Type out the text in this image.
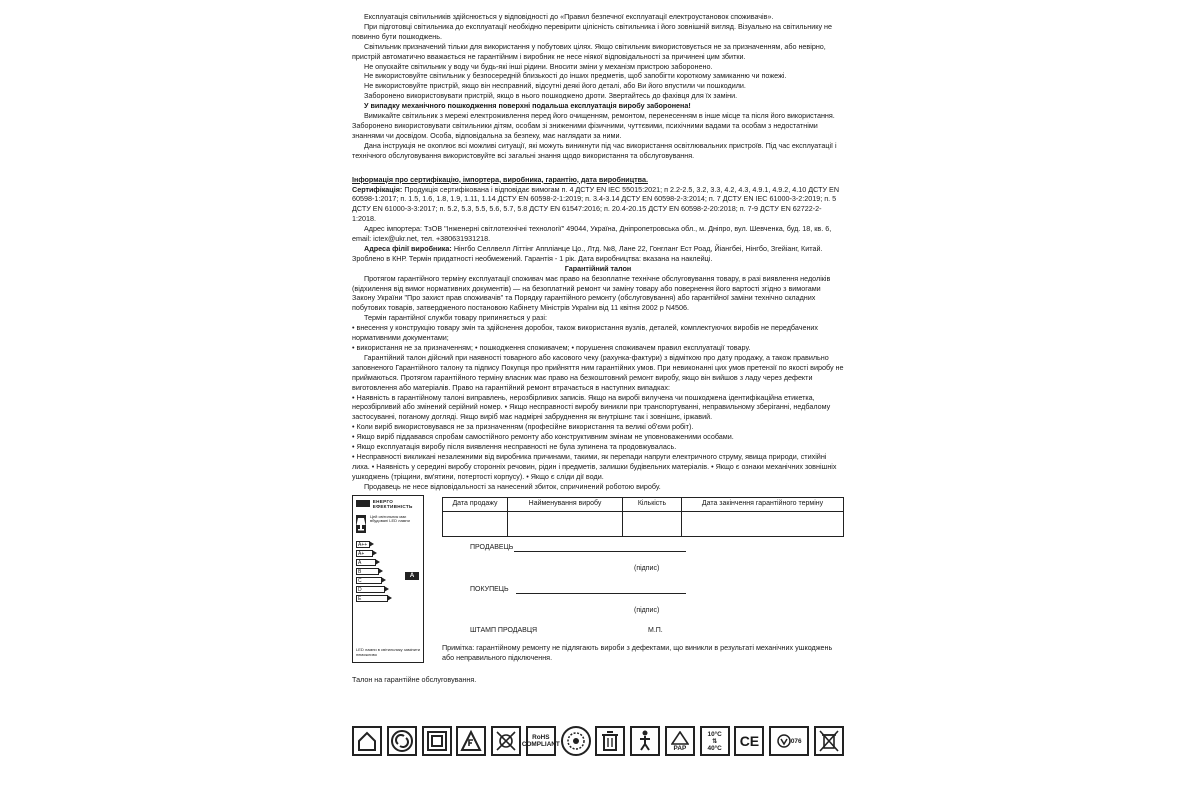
Експлуатація світильників здійснюється у відповідності до «Правил безпечної експлуатації електроустановок споживачів».

При підготовці світильника до експлуатації необхідно перевірити цілісність світильника і його зовнішній вигляд. Візуально на світильнику не повинно бути пошкоджень.

Світильник призначений тільки для використання у побутових цілях. Якщо світильник використовується не за призначенням, або невірно, пристрій автоматично вважається не гарантійним і виробник не несе ніякої відповідальності за причинені цим збитки.

Не опускайте світильник у воду чи будь-які інші рідини. Вносити зміни у механізм пристрою заборонено.

Не використовуйте світильник у безпосередній близькості до інших предметів, щоб запобігти короткому замиканню чи пожежі.

Не використовуйте пристрій, якщо він несправний, відсутні деякі його деталі, або Ви його впустили чи пошкодили.

Заборонено використовувати пристрій, якщо в нього пошкоджено дроти. Звертайтесь до фахівця для їх заміни.

У випадку механічного пошкодження поверхні подальша експлуатація виробу заборонена!

Вимикайте світильник з мережі електроживлення перед його очищенням, ремонтом, перенесенням в інше місце та після його використання. Заборонено використовувати світильники дітям, особам зі зниженими фізичними, чуттєвими, психічними вадами та особам з недостатніми знаннями чи досвідом. Особа, відповідальна за безпеку, має наглядати за ними.

Дана інструкція не охоплює всі можливі ситуації, які можуть виникнути під час використання освітлювальних пристроїв. Під час експлуатації і технічного обслуговування використовуйте всі загальні знання щодо використання та обслуговування.

Інформація про сертифікацію, імпортера, виробника, гарантію, дата виробництва.

Сертифікація: Продукція сертифікована і відповідає вимогам п. 4 ДСТУ EN IEC 55015:2021; п 2.2-2.5, 3.2, 3.3, 4.2, 4.3, 4.9.1, 4.9.2, 4.10 ДСТУ EN 60598-1:2017; п. 1.5, 1.6, 1.8, 1.9, 1.11, 1.14 ДСТУ EN 60598-2-1:2019; п. 3.4-3.14 ДСТУ EN 60598-2-3:2014; п. 7 ДСТУ EN IEC 61000-3-2:2019; п. 5 ДСТУ EN 61000-3-3:2017; п. 5.2, 5.3, 5.5, 5.6, 5.7, 5.8 ДСТУ EN 61547:2016; п. 20.4-20.15 ДСТУ EN 60598-2-20:2018; п. 7-9 ДСТУ EN 62722-2-1:2018.

Адрес імпортера: ТзОВ "Інженерні світлотехнічні технології" 49044, Україна, Дніпропетровська обл., м. Дніпро, вул. Шевченка, буд. 18, кв. 6, email: ictex@ukr.net, тел. +380631931218.

Адреса філії виробника: Нінгбо Селлвелл Літтінг Аппліанце Цо., Лтд. №8, Лане 22, Гонгланг Ест Роад, Йіангбеі, Нінгбо, Згейіанг, Китай. Зроблено в КНР. Термін придатності необмежений. Гарантія - 1 рік. Дата виробництва: вказана на наклейці.

Гарантійний талон

Протягом гарантійного терміну експлуатації споживач має право на безоплатне технічне обслуговування товару, в разі виявлення недоліків (відхилення від вимог нормативних документів) — на безоплатний ремонт чи заміну товару або повернення його вартості згідно з вимогами Закону України "Про захист прав споживачів" та Порядку гарантійного ремонту (обслуговування) або гарантійної заміни технічно складних побутових товарів, затвердженого постановою Кабінету Міністрів України від 11 квітня 2002 р N4506.

Термін гарантійної служби товару припиняється у разі:

• внесення у конструкцію товару змін та здійснення доробок, також використання вузлів, деталей, комплектуючих виробів не передбачених нормативними документами;

• використання не за призначенням; • пошкодження споживачем; • порушення споживачем правил експлуатації товару.

Гарантійний талон дійсний при наявності товарного або касового чеку (рахунка-фактури) з відміткою про дату продажу, а також правильно заповненого Гарантійного талону та підпису Покупця про прийняття ним гарантійних умов. При невиконанні цих умов претензії по якості виробу не приймаються. Протягом гарантійного терміну власник має право на безкоштовний ремонт виробу, якщо він вийшов з ладу через дефекти виготовлення або матеріалів. Право на гарантійний ремонт втрачається в наступних випадках:

• Наявність в гарантійному талоні виправлень, нерозбірливих записів. Якщо на виробі вилучена чи пошкоджена ідентифікаційна етикетка, нерозбірливий або змінений серійний номер. • Якщо несправності виробу виникли при транспортуванні, неправильному зберіганні, недбалому застосуванні, поганому догляді. Якщо виріб має надмірні забруднення як внутрішнє так і зовнішнє, іржавий.

• Коли виріб використовувався не за призначенням (професійне використання та великі об'єми робіт).

• Якщо виріб піддавався спробам самостійного ремонту або конструктивним змінам не уповноваженими особами.

• Якщо експлуатація виробу після виявлення несправності не була зупинена та продовжувалась.

• Несправності викликані незалежними від виробника причинами, такими, як перепади напруги електричного струму, явища природи, стихійні лиха. • Наявність у середині виробу сторонніх речовин, рідин і предметів, залишки будівельних матеріалів. • Якщо є ознаки механічних зовнішніх ушкоджень (тріщини, вм'ятини, потертості корпусу). • Якщо є сліди дії води.

Продавець не несе відповідальності за нанесений збиток, спричинений роботою виробу.

ЕНЕРГО ЕФЕКТИВНІСТЬ
Цей світильник має вбудовані LED лампи
A++
A+
A
B
C
D
E
A
LED лампи в світильнику замінити неможливо
Дата продажу	Найменування виробу	Кількість	Дата закінчення гарантійного терміну

ПРОДАВЕЦЬ
(підпис)
ПОКУПЕЦЬ
(підпис)
ШТАМП ПРОДАВЦЯ	М.П.
Примітка: гарантійному ремонту не підлягають вироби з дефектами, що виникли в результаті механічних ушкоджень або неправильного підключення.

Талон на гарантійне обслуговування.

RoHS COMPLIANT	PAP
10°C
⇅
40°C	CE	076
